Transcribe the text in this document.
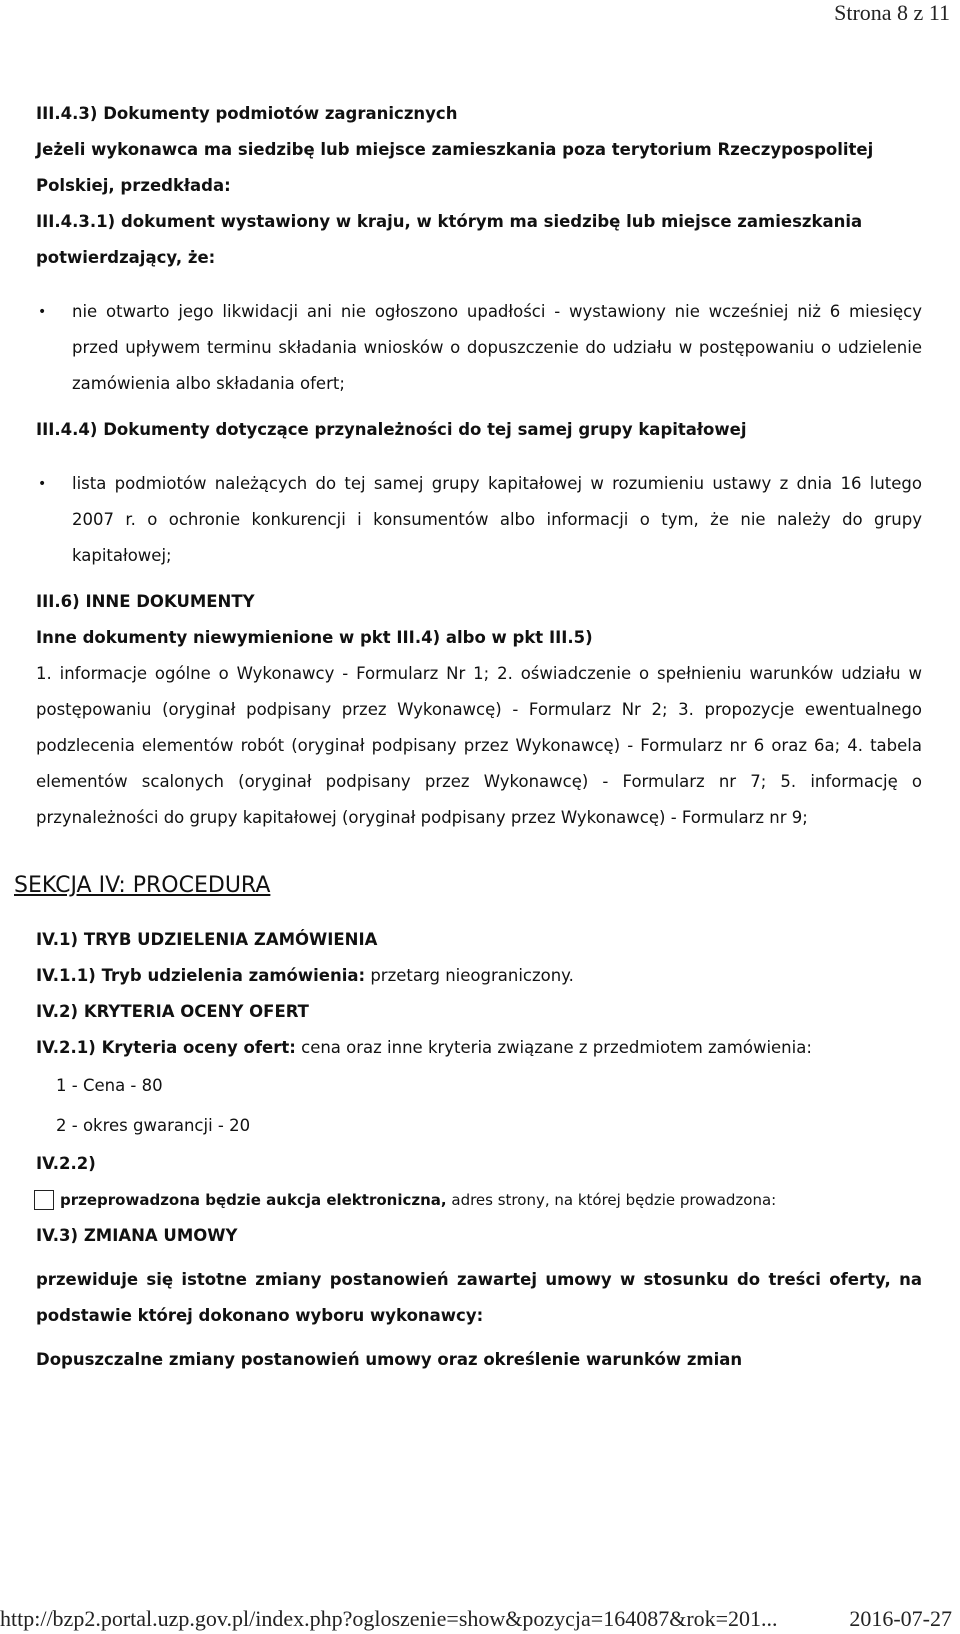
Strona 8 z 11

III.4.3) Dokumenty podmiotów zagranicznych

Jeżeli wykonawca ma siedzibę lub miejsce zamieszkania poza terytorium Rzeczypospolitej Polskiej, przedkłada:

III.4.3.1) dokument wystawiony w kraju, w którym ma siedzibę lub miejsce zamieszkania potwierdzający, że:

• nie otwarto jego likwidacji ani nie ogłoszono upadłości - wystawiony nie wcześniej niż 6 miesięcy przed upływem terminu składania wniosków o dopuszczenie do udziału w postępowaniu o udzielenie zamówienia albo składania ofert;

III.4.4) Dokumenty dotyczące przynależności do tej samej grupy kapitałowej

• lista podmiotów należących do tej samej grupy kapitałowej w rozumieniu ustawy z dnia 16 lutego 2007 r. o ochronie konkurencji i konsumentów albo informacji o tym, że nie należy do grupy kapitałowej;

III.6) INNE DOKUMENTY

Inne dokumenty niewymienione w pkt III.4) albo w pkt III.5)

1. informacje ogólne o Wykonawcy - Formularz Nr 1; 2. oświadczenie o spełnieniu warunków udziału w postępowaniu (oryginał podpisany przez Wykonawcę) - Formularz Nr 2; 3. propozycje ewentualnego podzlecenia elementów robót (oryginał podpisany przez Wykonawcę) - Formularz nr 6 oraz 6a; 4. tabela elementów scalonych (oryginał podpisany przez Wykonawcę) - Formularz nr 7; 5. informację o przynależności do grupy kapitałowej (oryginał podpisany przez Wykonawcę) - Formularz nr 9;

SEKCJA IV: PROCEDURA

IV.1) TRYB UDZIELENIA ZAMÓWIENIA

IV.1.1) Tryb udzielenia zamówienia: przetarg nieograniczony.

IV.2) KRYTERIA OCENY OFERT

IV.2.1) Kryteria oceny ofert: cena oraz inne kryteria związane z przedmiotem zamówienia:

1 - Cena - 80

2 - okres gwarancji - 20

IV.2.2)

przeprowadzona będzie aukcja elektroniczna, adres strony, na której będzie prowadzona:

IV.3) ZMIANA UMOWY

przewiduje się istotne zmiany postanowień zawartej umowy w stosunku do treści oferty, na podstawie której dokonano wyboru wykonawcy:

Dopuszczalne zmiany postanowień umowy oraz określenie warunków zmian

http://bzp2.portal.uzp.gov.pl/index.php?ogloszenie=show&pozycja=164087&rok=201...	2016-07-27
